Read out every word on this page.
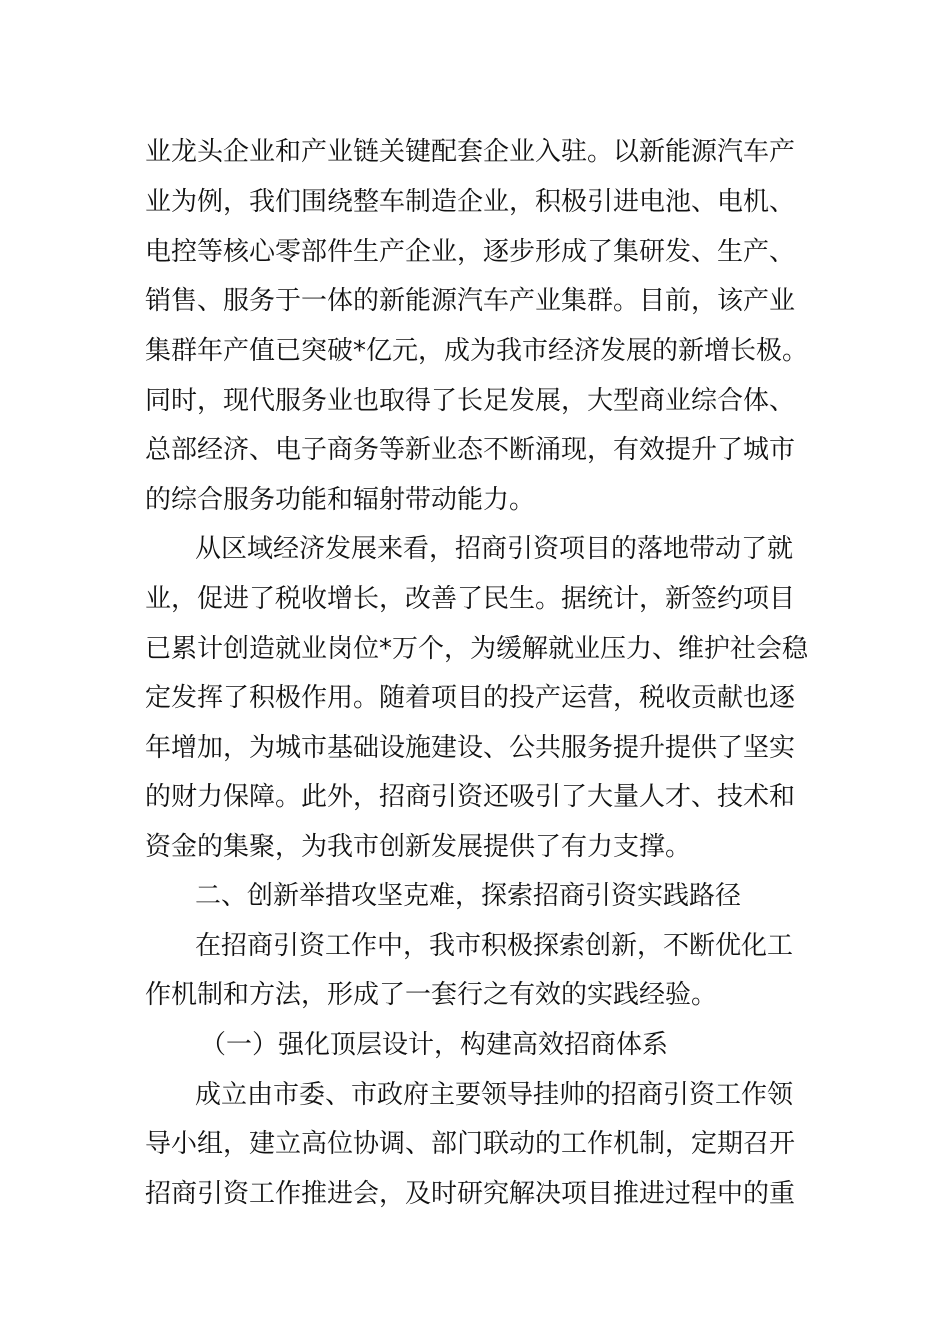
业龙头企业和产业链关键配套企业入驻。以新能源汽车产
业为例，我们围绕整车制造企业，积极引进电池、电机、
电控等核心零部件生产企业，逐步形成了集研发、生产、
销售、服务于一体的新能源汽车产业集群。目前，该产业
集群年产值已突破*亿元，成为我市经济发展的新增长极。
同时，现代服务业也取得了长足发展，大型商业综合体、
总部经济、电子商务等新业态不断涌现，有效提升了城市
的综合服务功能和辐射带动能力。
从区域经济发展来看，招商引资项目的落地带动了就
业，促进了税收增长，改善了民生。据统计，新签约项目
已累计创造就业岗位*万个，为缓解就业压力、维护社会稳
定发挥了积极作用。随着项目的投产运营，税收贡献也逐
年增加，为城市基础设施建设、公共服务提升提供了坚实
的财力保障。此外，招商引资还吸引了大量人才、技术和
资金的集聚，为我市创新发展提供了有力支撑。
二、创新举措攻坚克难，探索招商引资实践路径
在招商引资工作中，我市积极探索创新，不断优化工
作机制和方法，形成了一套行之有效的实践经验。
（一）强化顶层设计，构建高效招商体系
成立由市委、市政府主要领导挂帅的招商引资工作领
导小组，建立高位协调、部门联动的工作机制，定期召开
招商引资工作推进会，及时研究解决项目推进过程中的重
